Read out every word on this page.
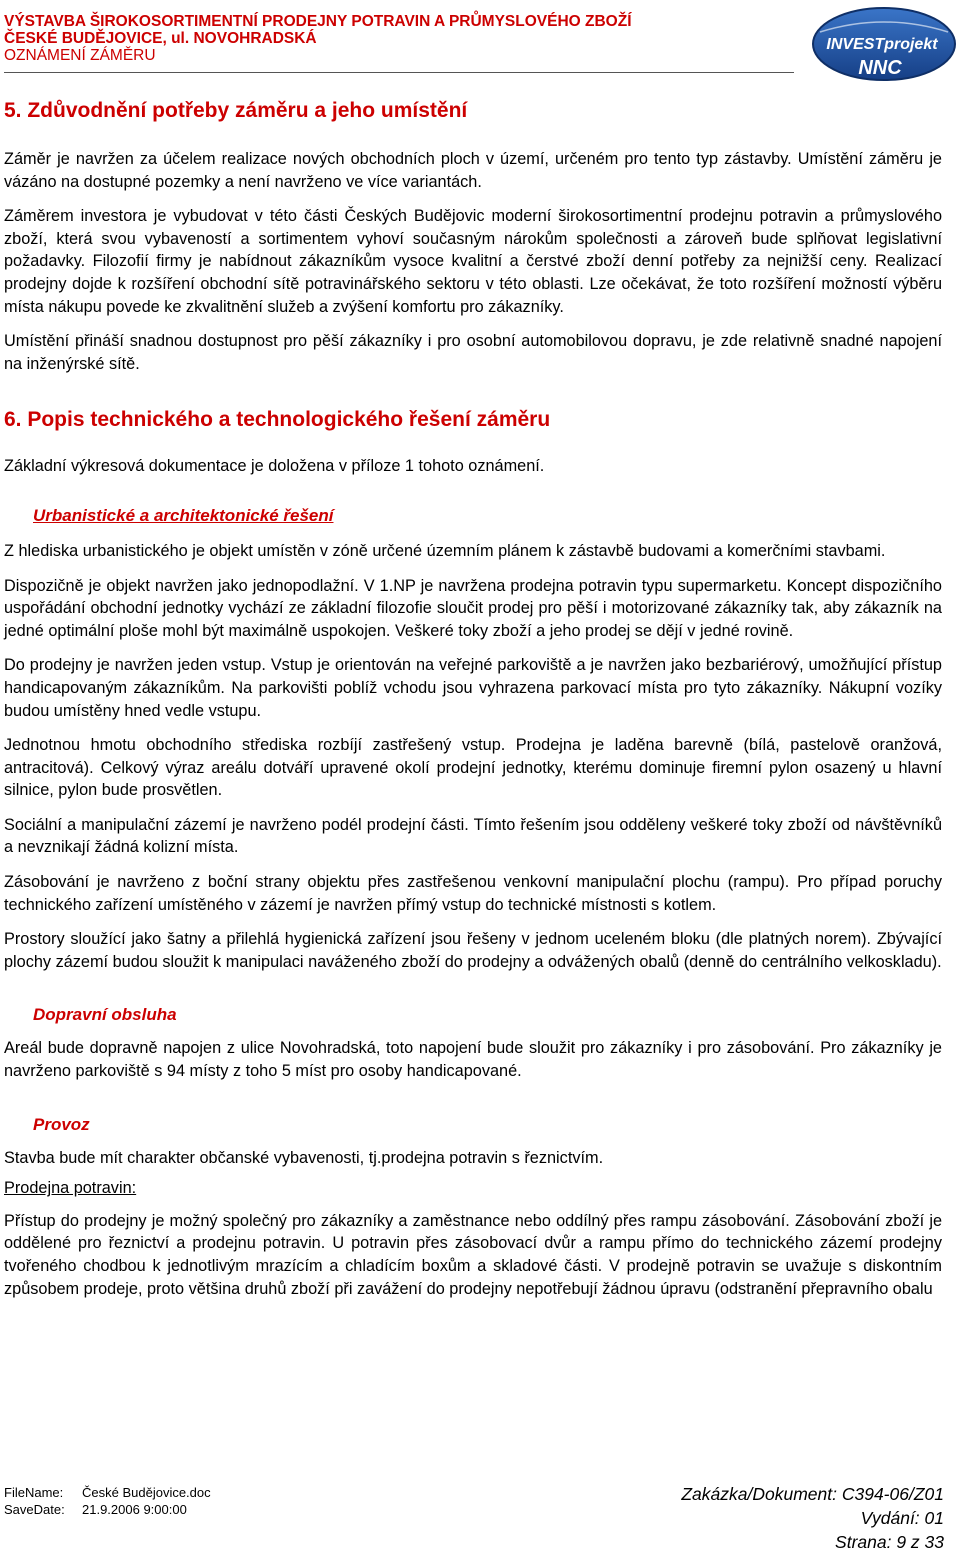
VÝSTAVBA ŠIROKOSORTIMENTNÍ PRODEJNY POTRAVIN A PRŮMYSLOVÉHO ZBOŽÍ
ČESKÉ BUDĚJOVICE, ul. NOVOHRADSKÁ
OZNÁMENÍ ZÁMĚRU
INVESTprojekt
NNC
5. Zdůvodnění potřeby záměru a jeho umístění

Záměr je navržen za účelem realizace nových obchodních ploch v území, určeném pro tento typ zástavby. Umístění záměru je vázáno na dostupné pozemky a není navrženo ve více variantách.

Záměrem investora je vybudovat v této části Českých Budějovic moderní širokosortimentní prodejnu potravin a průmyslového zboží, která svou vybaveností a sortimentem vyhoví současným nárokům společnosti a zároveň bude splňovat legislativní požadavky. Filozofií firmy je nabídnout zákazníkům vysoce kvalitní a čerstvé zboží denní potřeby za nejnižší ceny. Realizací prodejny dojde k rozšíření obchodní sítě potravinářského sektoru v této oblasti. Lze očekávat, že toto rozšíření možností výběru místa nákupu povede ke zkvalitnění služeb a zvýšení komfortu pro zákazníky.

Umístění přináší snadnou dostupnost pro pěší zákazníky i pro osobní automobilovou dopravu, je zde relativně snadné napojení na inženýrské sítě.

6. Popis technického a technologického řešení záměru

Základní výkresová dokumentace je doložena v příloze 1 tohoto oznámení.

Urbanistické a architektonické řešení

Z hlediska urbanistického je objekt umístěn v zóně určené územním plánem k zástavbě budovami a komerčními stavbami.

Dispozičně je objekt navržen jako jednopodlažní. V 1.NP je navržena prodejna potravin typu supermarketu. Koncept dispozičního uspořádání obchodní jednotky vychází ze základní filozofie sloučit prodej pro pěší i motorizované zákazníky tak, aby zákazník na jedné optimální ploše mohl být maximálně uspokojen. Veškeré toky zboží a jeho prodej se dějí v jedné rovině.

Do prodejny je navržen jeden vstup. Vstup je orientován na veřejné parkoviště a je navržen jako bezbariérový, umožňující přístup handicapovaným zákazníkům. Na parkovišti poblíž vchodu jsou vyhrazena parkovací místa pro tyto zákazníky. Nákupní vozíky budou umístěny hned vedle vstupu.

Jednotnou hmotu obchodního střediska rozbíjí zastřešený vstup. Prodejna je laděna barevně (bílá, pastelově oranžová, antracitová). Celkový výraz areálu dotváří upravené okolí prodejní jednotky, kterému dominuje firemní pylon osazený u hlavní silnice, pylon bude prosvětlen.

Sociální a manipulační zázemí je navrženo podél prodejní části. Tímto řešením jsou odděleny veškeré toky zboží od návštěvníků a nevznikají žádná kolizní místa.

Zásobování je navrženo z boční strany objektu přes zastřešenou venkovní manipulační plochu (rampu). Pro případ poruchy technického zařízení umístěného v zázemí je navržen přímý vstup do technické místnosti s kotlem.

Prostory sloužící jako šatny a přilehlá hygienická zařízení jsou řešeny v jednom uceleném bloku (dle platných norem). Zbývající plochy zázemí budou sloužit k manipulaci naváženého zboží do prodejny a odvážených obalů (denně do centrálního velkoskladu).

Dopravní obsluha

Areál bude dopravně napojen z ulice Novohradská, toto napojení bude sloužit pro zákazníky i pro zásobování. Pro zákazníky je navrženo parkoviště s 94 místy z toho 5 míst pro osoby handicapované.

Provoz

Stavba bude mít charakter občanské vybavenosti, tj.prodejna potravin s řeznictvím.

Prodejna potravin:

Přístup do prodejny je možný společný pro zákazníky a zaměstnance nebo oddílný přes rampu zásobování. Zásobování zboží je oddělené pro řeznictví a prodejnu potravin. U potravin přes zásobovací dvůr a rampu přímo do technického zázemí prodejny tvořeného chodbou k jednotlivým mrazícím a chladícím boxům a skladové části. V prodejně potravin se uvažuje s diskontním způsobem prodeje, proto většina druhů zboží při zavážení do prodejny nepotřebují žádnou úpravu (odstranění přepravního obalu

FileName: České Budějovice.doc
SaveDate: 21.9.2006 9:00:00
Zakázka/Dokument: C394-06/Z01
Vydání: 01
Strana: 9 z 33
